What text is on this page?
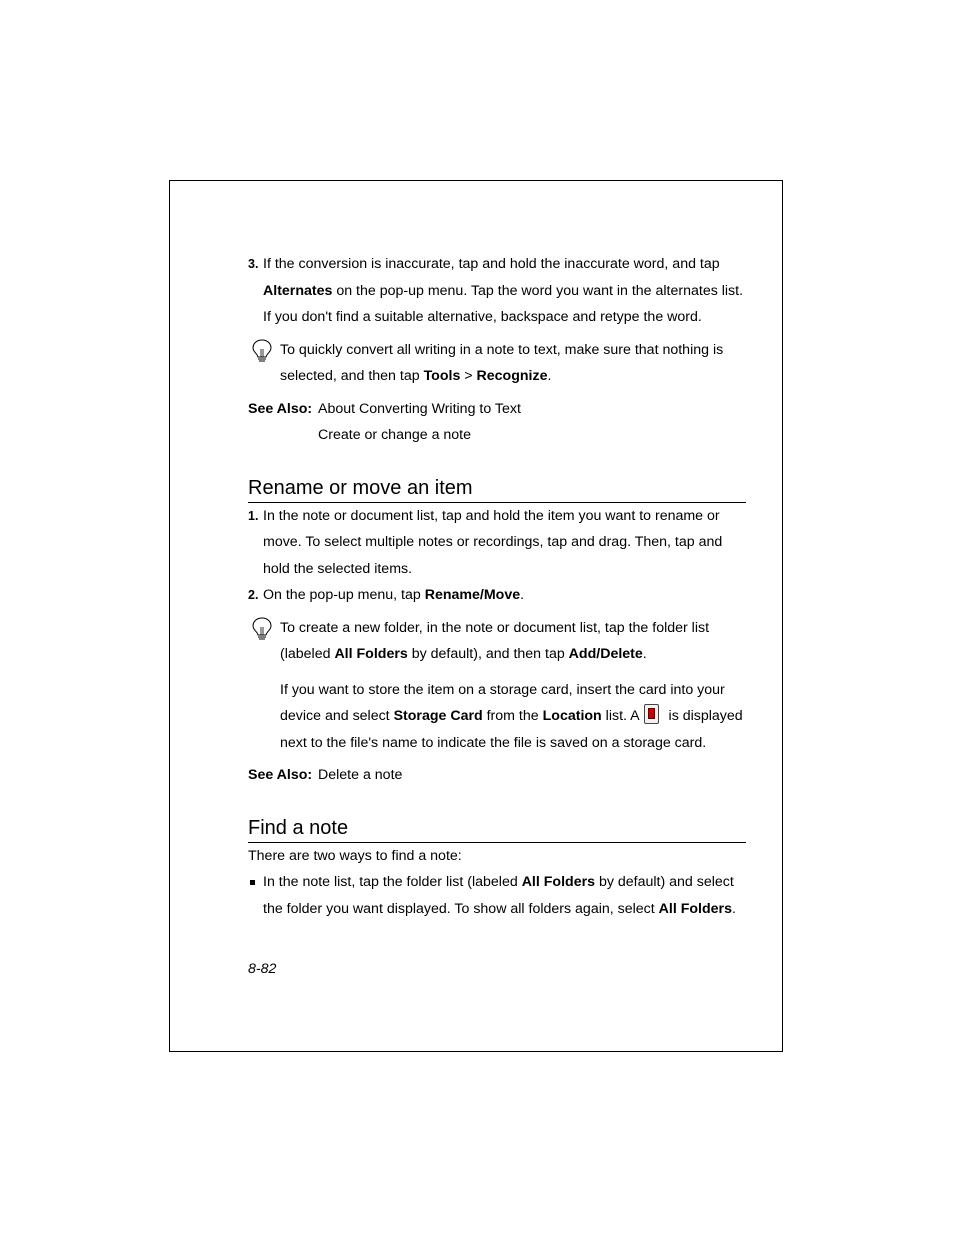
3. If the conversion is inaccurate, tap and hold the inaccurate word, and tap Alternates on the pop-up menu. Tap the word you want in the alternates list. If you don't find a suitable alternative, backspace and retype the word.
To quickly convert all writing in a note to text, make sure that nothing is selected, and then tap Tools > Recognize.
See Also: About Converting Writing to Text
Create or change a note
Rename or move an item
1. In the note or document list, tap and hold the item you want to rename or move. To select multiple notes or recordings, tap and drag. Then, tap and hold the selected items.
2. On the pop-up menu, tap Rename/Move.
To create a new folder, in the note or document list, tap the folder list (labeled All Folders by default), and then tap Add/Delete.
If you want to store the item on a storage card, insert the card into your device and select Storage Card from the Location list. A is displayed next to the file's name to indicate the file is saved on a storage card.
See Also: Delete a note
Find a note
There are two ways to find a note:
In the note list, tap the folder list (labeled All Folders by default) and select the folder you want displayed. To show all folders again, select All Folders.
8-82
